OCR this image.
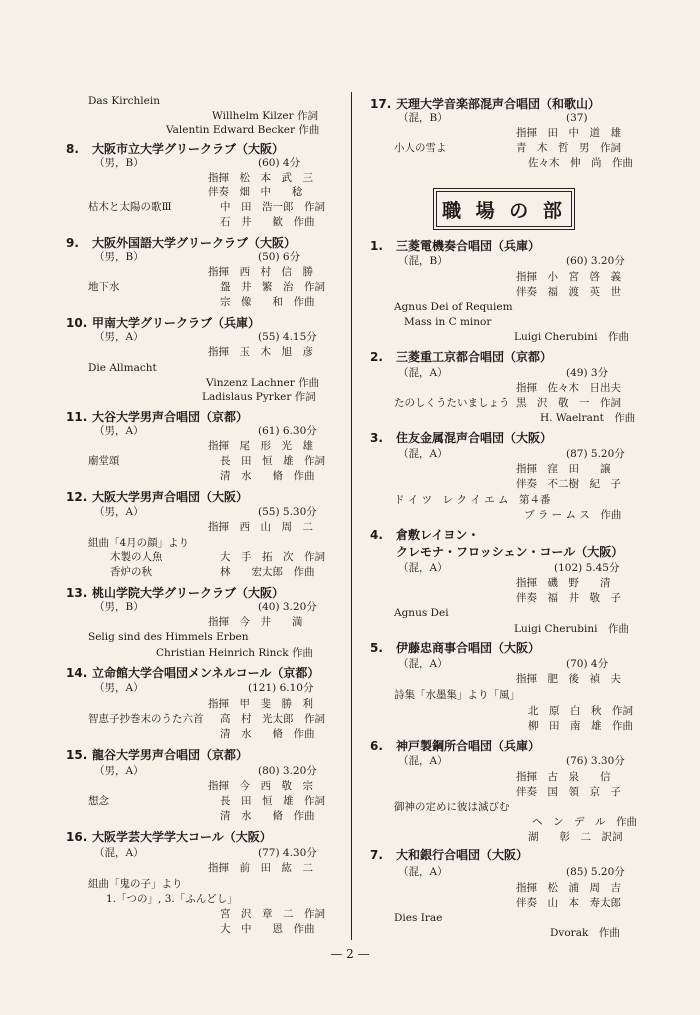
Das Kirchlein
Willhelm Kilzer 作詞
Valentin Edward Becker 作曲
8. 大阪市立大学グリークラブ（大阪）
（男，B）	(60) 4分
指揮　松　本　武　三
伴奏　畑　中　　稔
枯木と太陽の歌Ⅲ	中　田　浩一郎　作詞
石　井　　歓　作曲
9. 大阪外国語大学グリークラブ（大阪）
（男，B）	(50) 6分
指揮　西　村　信　勝
地下水	盌　井　繁　治　作詞
宗　像　　和　作曲
10. 甲南大学グリークラブ（兵庫）
（男，A）	(55) 4.15分
指揮　玉　木　旭　彦
Die Allmacht
Vinzenz Lachner 作曲
Ladislaus Pyrker 作詞
11. 大谷大学男声合唱団（京都）
（男，A）	(61) 6.30分
指揮　尾　形　光　雄
廟堂頌	長　田　恒　雄　作詞
清　水　　脩　作曲
12. 大阪大学男声合唱団（大阪）
（男，A）	(55) 5.30分
指揮　西　山　周　二
組曲「4月の顔」より
木製の人魚	大　手　拓　次　作詞
香炉の秋	林　　宏太郎　作曲
13. 桃山学院大学グリークラブ（大阪）
（男，B）	(40) 3.20分
指揮　今　井　　満
Selig sind des Himmels Erben
Christian Heinrich Rinck 作曲
14. 立命館大学合唱団メンネルコール（京都）
（男，A）	(121) 6.10分
指揮　甲　斐　勝　利
智恵子抄巻末のうた六首 高　村　光太郎　作詞
清　水　　脩　作曲
15. 龍谷大学男声合唱団（京都）
（男，A）	(80) 3.20分
指揮　今　西　敬　宗
想念	長　田　恒　雄　作詞
清　水　　脩　作曲
16. 大阪学芸大学学大コール（大阪）
（混，A）	(77) 4.30分
指揮　前　田　紘　二
組曲「鬼の子」より
1.「つの」, 3.「ふんどし」
宮　沢　章　二　作詞
大　中　　恩　作曲
職 場 の 部
17. 天理大学音楽部混声合唱団（和歌山）
（混，B）	(37)
指揮　田　中　道　雄
小人の雪よ	青　木　哲　男　作詞
佐々木　伸　尚　作曲
1. 三菱電機奏合唱団（兵庫）
（混，B）	(60) 3.20分
指揮　小　宮　啓　義
伴奏　福　渡　英　世
Agnus Dei of Requiem
Mass in C minor
Luigi Cherubini　作曲
2. 三菱重工京都合唱団（京都）
（混，A）	(49) 3分
指揮　佐々木　日出夫
たのしくうたいましょう 黒　沢　敬　一　作詞
H. Waelrant　作曲
3. 住友金属混声合唱団（大阪）
（混，A）	(87) 5.20分
指揮　窪　田　　譲
伴奏　不二樹　紀　子
ド イ ツ　レ ク イ エ ム　第４番
ブ ラ ー ム ス　作曲
4. 倉敷レイヨン・
クレモナ・フロッシェン・コール（大阪）
（混，A）	(102) 5.45分
指揮　磯　野　　清
伴奏　福　井　敬　子
Agnus Dei
Luigi Cherubini　作曲
5. 伊藤忠商事合唱団（大阪）
（混，A）	(70) 4分
指揮　肥　後　禎　夫
詩集「水墨集」より「風」
北　原　白　秋　作詞
柳　田　南　雄　作曲
6. 神戸製鋼所合唱団（兵庫）
（混，A）	(76) 3.30分
指揮　古　泉　　信
伴奏　国　領　京　子
御神の定めに彼は滅びむ
ヘ　ン　デ　ル　作曲
湖　　彰　二　訳詞
7. 大和銀行合唱団（大阪）
（混，A）	(85) 5.20分
指揮　松　浦　周　吉
伴奏　山　本　寿太郎
Dies Irae
Dvorak　作曲
— 2 —
